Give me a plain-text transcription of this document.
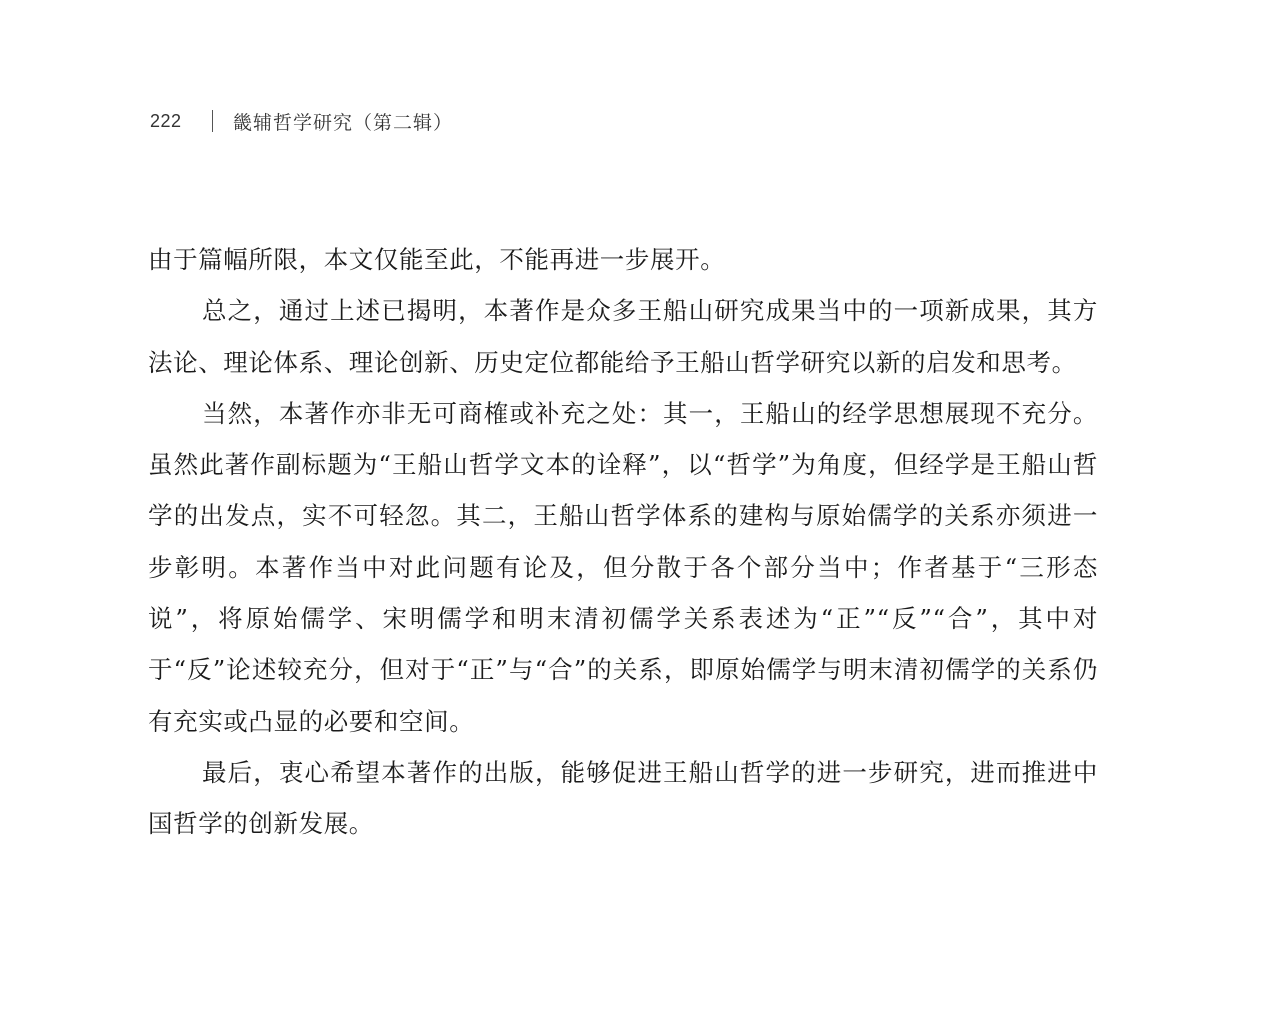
222	畿辅哲学研究（第二辑）

由于篇幅所限，本文仅能至此，不能再进一步展开。

总之，通过上述已揭明，本著作是众多王船山研究成果当中的一项新成果，其方法论、理论体系、理论创新、历史定位都能给予王船山哲学研究以新的启发和思考。

当然，本著作亦非无可商榷或补充之处：其一，王船山的经学思想展现不充分。虽然此著作副标题为“王船山哲学文本的诠释”，以“哲学”为角度，但经学是王船山哲学的出发点，实不可轻忽。其二，王船山哲学体系的建构与原始儒学的关系亦须进一步彰明。本著作当中对此问题有论及，但分散于各个部分当中；作者基于“三形态说”，将原始儒学、宋明儒学和明末清初儒学关系表述为“正”“反”“合”，其中对于“反”论述较充分，但对于“正”与“合”的关系，即原始儒学与明末清初儒学的关系仍有充实或凸显的必要和空间。

最后，衷心希望本著作的出版，能够促进王船山哲学的进一步研究，进而推进中国哲学的创新发展。
